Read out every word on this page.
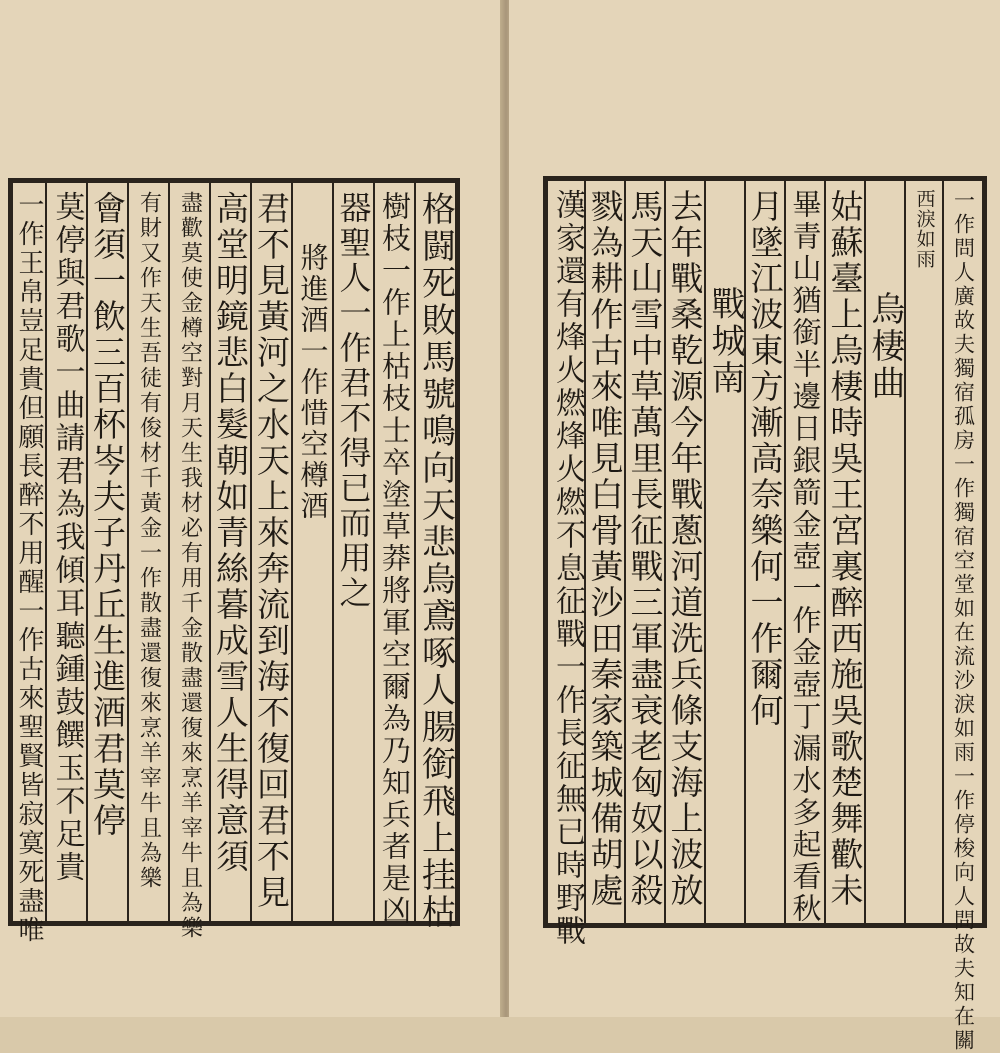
格闘死敗馬號鳴向天悲烏鳶啄人腸銜飛上挂枯
樹枝一作上枯枝士卒塗草莽將軍空爾為乃知兵者是凶
器聖人一作君不得已而用之
將進酒一作惜空樽酒
君不見黃河之水天上來奔流到海不復回君不見
高堂明鏡悲白髮朝如青絲暮成雪人生得意須
盡歡莫使金樽空對月天生我材必有用千金散盡還復來烹羊宰牛且為樂
有財又作天生吾徒有俊材千黃金一作散盡還復來烹羊宰牛且為樂
會須一飲三百杯岑夫子丹丘生進酒君莫停
莫停與君歌一曲請君為我傾耳聽鍾鼓饌玉不足貴
一作王帛豈足貴但願長醉不用醒一作古來聖賢皆寂寞死盡唯	一作問人廣故夫獨宿孤房一作獨宿空堂如在流沙淚如雨一作停梭向人問故夫知在關
西淚如雨
烏棲曲
姑蘇臺上烏棲時吳王宮裏醉西施吳歌楚舞歡未
畢青山猶銜半邊日銀箭金壺一作金壺丁漏水多起看秋
月墜江波東方漸高奈樂何一作爾何
戰城南
去年戰桑乾源今年戰蔥河道洗兵條支海上波放
馬天山雪中草萬里長征戰三軍盡衰老匈奴以殺
戮為耕作古來唯見白骨黃沙田秦家築城備胡處
漢家還有烽火燃烽火燃不息征戰一作長征無已時野戰
